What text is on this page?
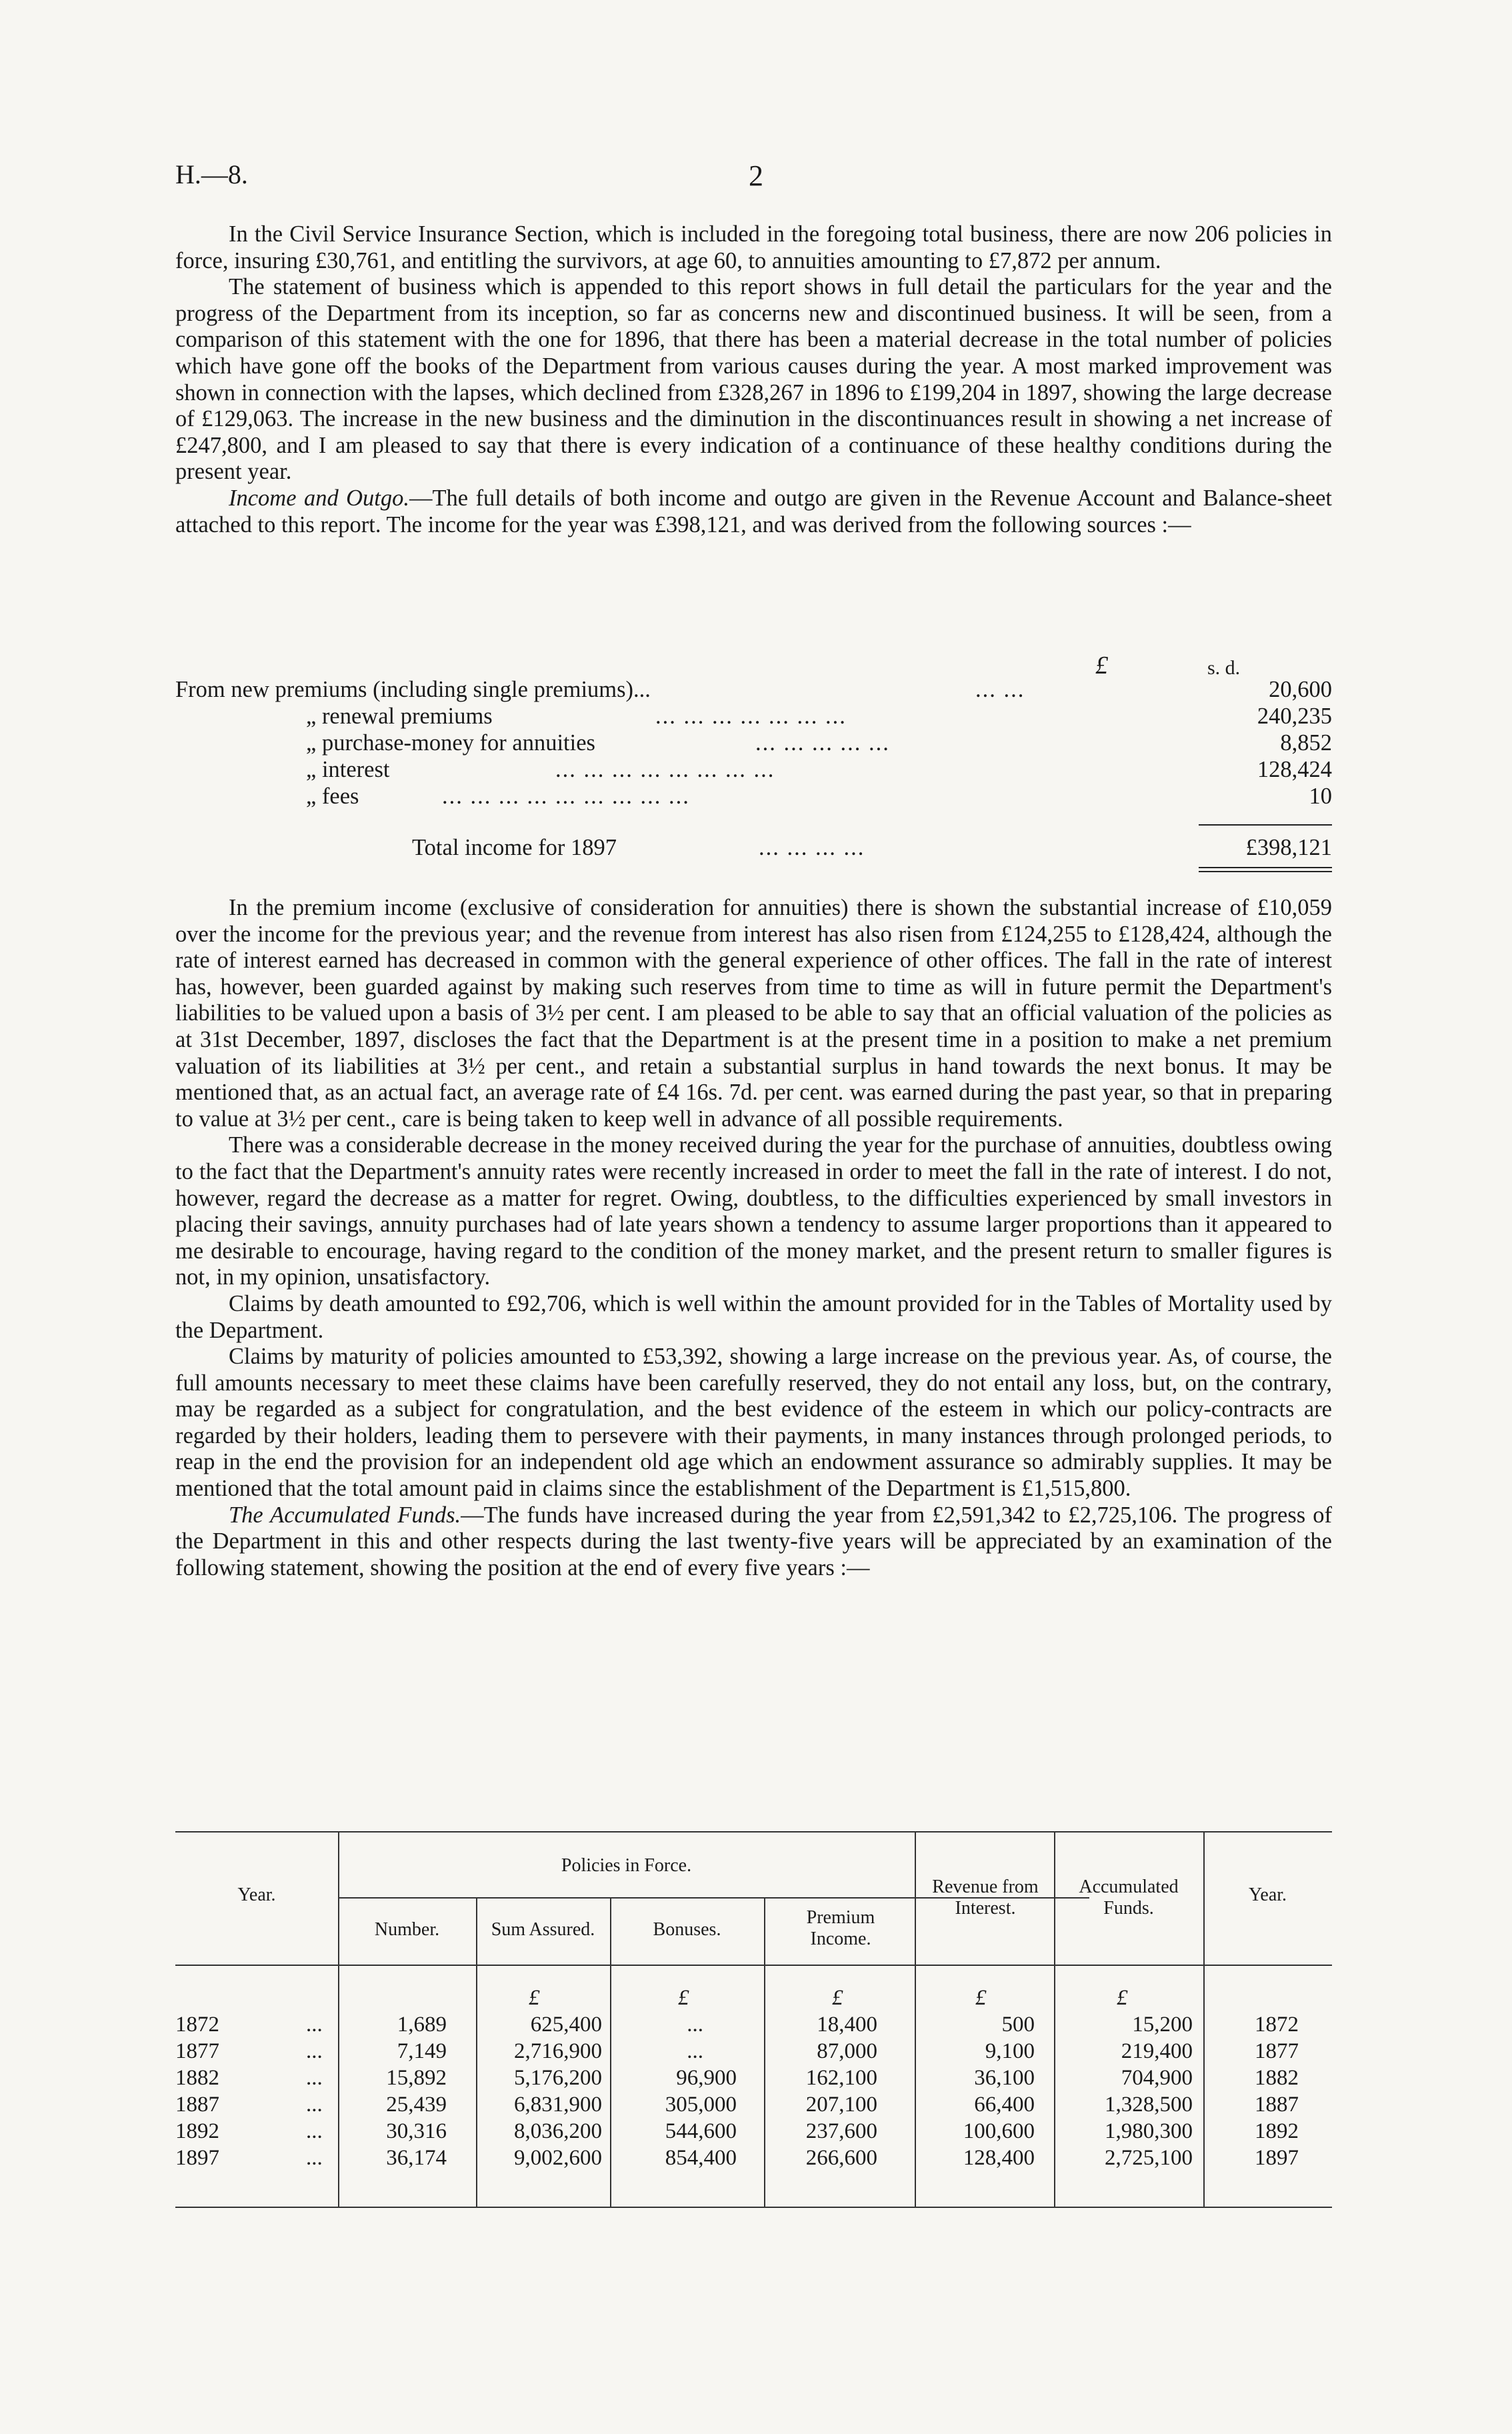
H.—8.	2

In the Civil Service Insurance Section, which is included in the foregoing total business, there are now 206 policies in force, insuring £30,761, and entitling the survivors, at age 60, to annuities amounting to £7,872 per annum.

The statement of business which is appended to this report shows in full detail the particulars for the year and the progress of the Department from its inception, so far as concerns new and discontinued business. It will be seen, from a comparison of this statement with the one for 1896, that there has been a material decrease in the total number of policies which have gone off the books of the Department from various causes during the year. A most marked improvement was shown in connection with the lapses, which declined from £328,267 in 1896 to £199,204 in 1897, showing the large decrease of £129,063. The increase in the new business and the diminution in the discontinuances result in showing a net increase of £247,800, and I am pleased to say that there is every indication of a continuance of these healthy conditions during the present year.

Income and Outgo.—The full details of both income and outgo are given in the Revenue Account and Balance-sheet attached to this report. The income for the year was £398,121, and was derived from the following sources :—

£	s. d.
From new premiums (including single premiums)...	... ...	20,600
„ renewal premiums	... ... ... ... ... ... ...	240,235
„ purchase-money for annuities	... ... ... ... ...	8,852
„ interest	... ... ... ... ... ... ... ...	128,424
„ fees	... ... ... ... ... ... ... ... ...	10
Total income for 1897	... ... ... ...	£398,121

In the premium income (exclusive of consideration for annuities) there is shown the substantial increase of £10,059 over the income for the previous year; and the revenue from interest has also risen from £124,255 to £128,424, although the rate of interest earned has decreased in common with the general experience of other offices. The fall in the rate of interest has, however, been guarded against by making such reserves from time to time as will in future permit the Department's liabilities to be valued upon a basis of 3½ per cent. I am pleased to be able to say that an official valuation of the policies as at 31st December, 1897, discloses the fact that the Department is at the present time in a position to make a net premium valuation of its liabilities at 3½ per cent., and retain a substantial surplus in hand towards the next bonus. It may be mentioned that, as an actual fact, an average rate of £4 16s. 7d. per cent. was earned during the past year, so that in preparing to value at 3½ per cent., care is being taken to keep well in advance of all possible requirements.

There was a considerable decrease in the money received during the year for the purchase of annuities, doubtless owing to the fact that the Department's annuity rates were recently increased in order to meet the fall in the rate of interest. I do not, however, regard the decrease as a matter for regret. Owing, doubtless, to the difficulties experienced by small investors in placing their savings, annuity purchases had of late years shown a tendency to assume larger proportions than it appeared to me desirable to encourage, having regard to the condition of the money market, and the present return to smaller figures is not, in my opinion, unsatisfactory.

Claims by death amounted to £92,706, which is well within the amount provided for in the Tables of Mortality used by the Department.

Claims by maturity of policies amounted to £53,392, showing a large increase on the previous year. As, of course, the full amounts necessary to meet these claims have been carefully reserved, they do not entail any loss, but, on the contrary, may be regarded as a subject for congratulation, and the best evidence of the esteem in which our policy-contracts are regarded by their holders, leading them to persevere with their payments, in many instances through prolonged periods, to reap in the end the provision for an independent old age which an endowment assurance so admirably supplies. It may be mentioned that the total amount paid in claims since the establishment of the Department is £1,515,800.

The Accumulated Funds.—The funds have increased during the year from £2,591,342 to £2,725,106. The progress of the Department in this and other respects during the last twenty-five years will be appreciated by an examination of the following statement, showing the position at the end of every five years :—

Year.
Policies in Force.
Number.	Sum Assured.	Bonuses.
Premium Income.
Revenue from Interest.
Accumulated Funds.
Year.
£	£	£	£	£
1872	...	1,689	625,400	...	18,400	500	15,200	1872
1877	...	7,149	2,716,900	...	87,000	9,100	219,400	1877
1882	...	15,892	5,176,200	96,900	162,100	36,100	704,900	1882
1887	...	25,439	6,831,900	305,000	207,100	66,400	1,328,500	1887
1892	...	30,316	8,036,200	544,600	237,600	100,600	1,980,300	1892
1897	...	36,174	9,002,600	854,400	266,600	128,400	2,725,100	1897
